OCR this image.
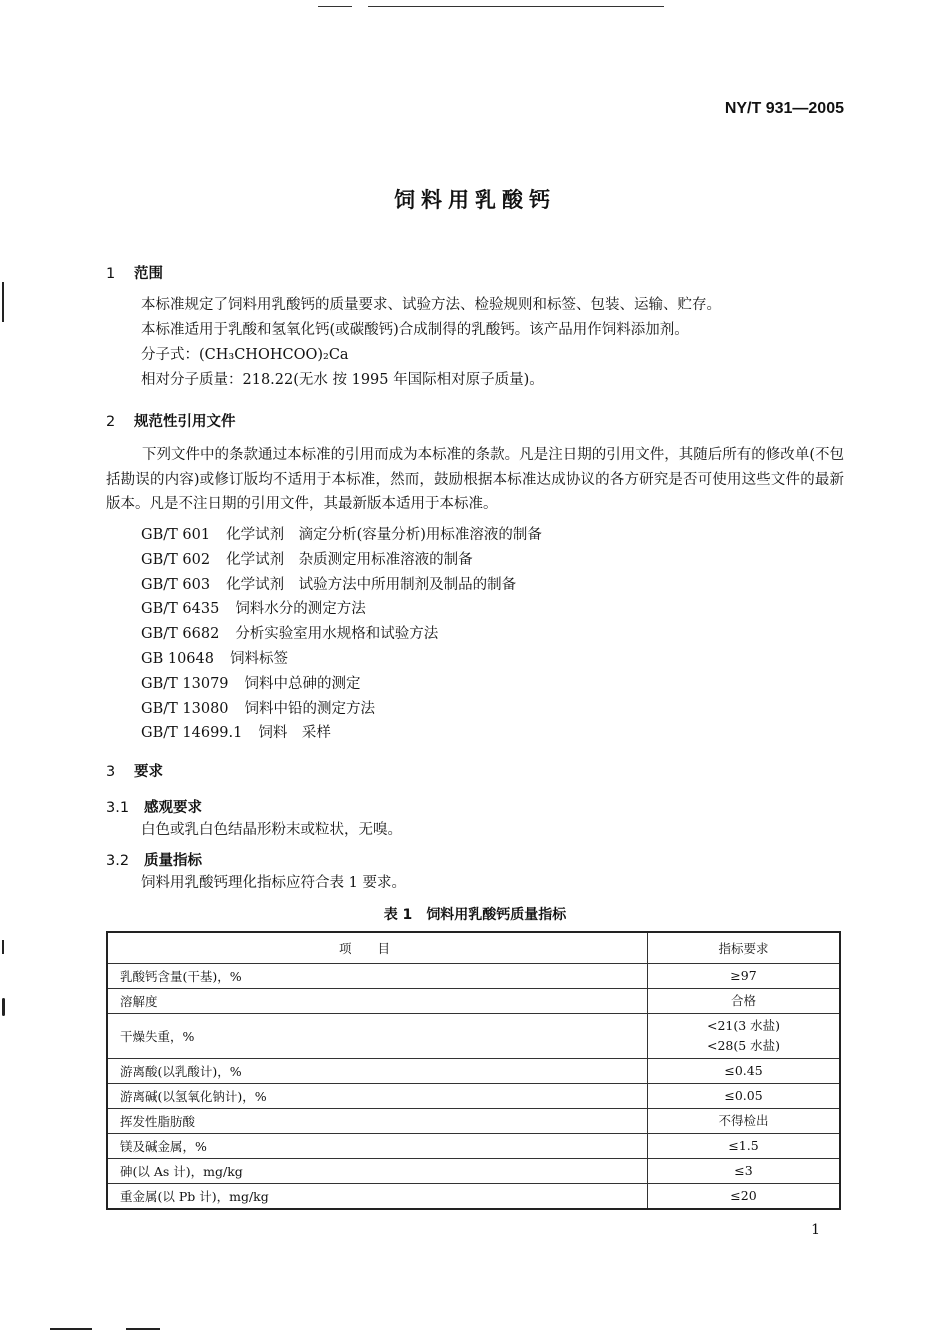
NY/T 931—2005
饲料用乳酸钙
1 范围
本标准规定了饲料用乳酸钙的质量要求、试验方法、检验规则和标签、包装、运输、贮存。
本标准适用于乳酸和氢氧化钙(或碳酸钙)合成制得的乳酸钙。该产品用作饲料添加剂。
分子式：(CH₃CHOHCOO)₂Ca
相对分子质量：218.22(无水 按 1995 年国际相对原子质量)。
2 规范性引用文件
下列文件中的条款通过本标准的引用而成为本标准的条款。凡是注日期的引用文件，其随后所有的修改单(不包括勘误的内容)或修订版均不适用于本标准，然而，鼓励根据本标准达成协议的各方研究是否可使用这些文件的最新版本。凡是不注日期的引用文件，其最新版本适用于本标准。
GB/T 601 化学试剂　滴定分析(容量分析)用标准溶液的制备
GB/T 602 化学试剂　杂质测定用标准溶液的制备
GB/T 603 化学试剂　试验方法中所用制剂及制品的制备
GB/T 6435 饲料水分的测定方法
GB/T 6682 分析实验室用水规格和试验方法
GB 10648 饲料标签
GB/T 13079 饲料中总砷的测定
GB/T 13080 饲料中铅的测定方法
GB/T 14699.1 饲料　采样
3 要求
3.1 感观要求
白色或乳白色结晶形粉末或粒状，无嗅。
3.2 质量指标
饲料用乳酸钙理化指标应符合表 1 要求。
表 1 饲料用乳酸钙质量指标
项目	指标要求
乳酸钙含量(干基)，%	≥97
溶解度	合格
干燥失重，%	<21(3 水盐)
<28(5 水盐)

游离酸(以乳酸计)，%	≤0.45
游离碱(以氢氧化钠计)，%	≤0.05
挥发性脂肪酸	不得检出
镁及碱金属，%	≤1.5
砷(以 As 计)，mg/kg	≤3
重金属(以 Pb 计)，mg/kg	≤20
1
